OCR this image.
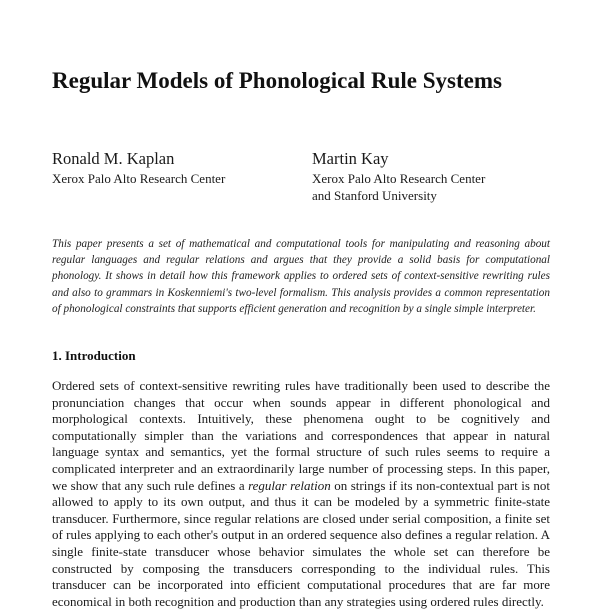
Regular Models of Phonological Rule Systems
Ronald M. Kaplan
Xerox Palo Alto Research Center
Martin Kay
Xerox Palo Alto Research Center
and Stanford University

This paper presents a set of mathematical and computational tools for manipulating and reasoning about regular languages and regular relations and argues that they provide a solid basis for computational phonology. It shows in detail how this framework applies to ordered sets of context-sensitive rewriting rules and also to grammars in Koskenniemi's two-level formalism. This analysis provides a common representation of phonological constraints that supports efficient generation and recognition by a single simple interpreter.

1. Introduction

Ordered sets of context-sensitive rewriting rules have traditionally been used to describe the pronunciation changes that occur when sounds appear in different phonological and morphological contexts. Intuitively, these phenomena ought to be cognitively and computationally simpler than the variations and correspondences that appear in natural language syntax and semantics, yet the formal structure of such rules seems to require a complicated interpreter and an extraordinarily large number of processing steps. In this paper, we show that any such rule defines a regular relation on strings if its non-contextual part is not allowed to apply to its own output, and thus it can be modeled by a symmetric finite-state transducer. Furthermore, since regular relations are closed under serial composition, a finite set of rules applying to each other's output in an ordered sequence also defines a regular relation. A single finite-state transducer whose behavior simulates the whole set can therefore be constructed by composing the transducers corresponding to the individual rules. This transducer can be incorporated into efficient computational procedures that are far more economical in both recognition and production than any strategies using ordered rules directly.
